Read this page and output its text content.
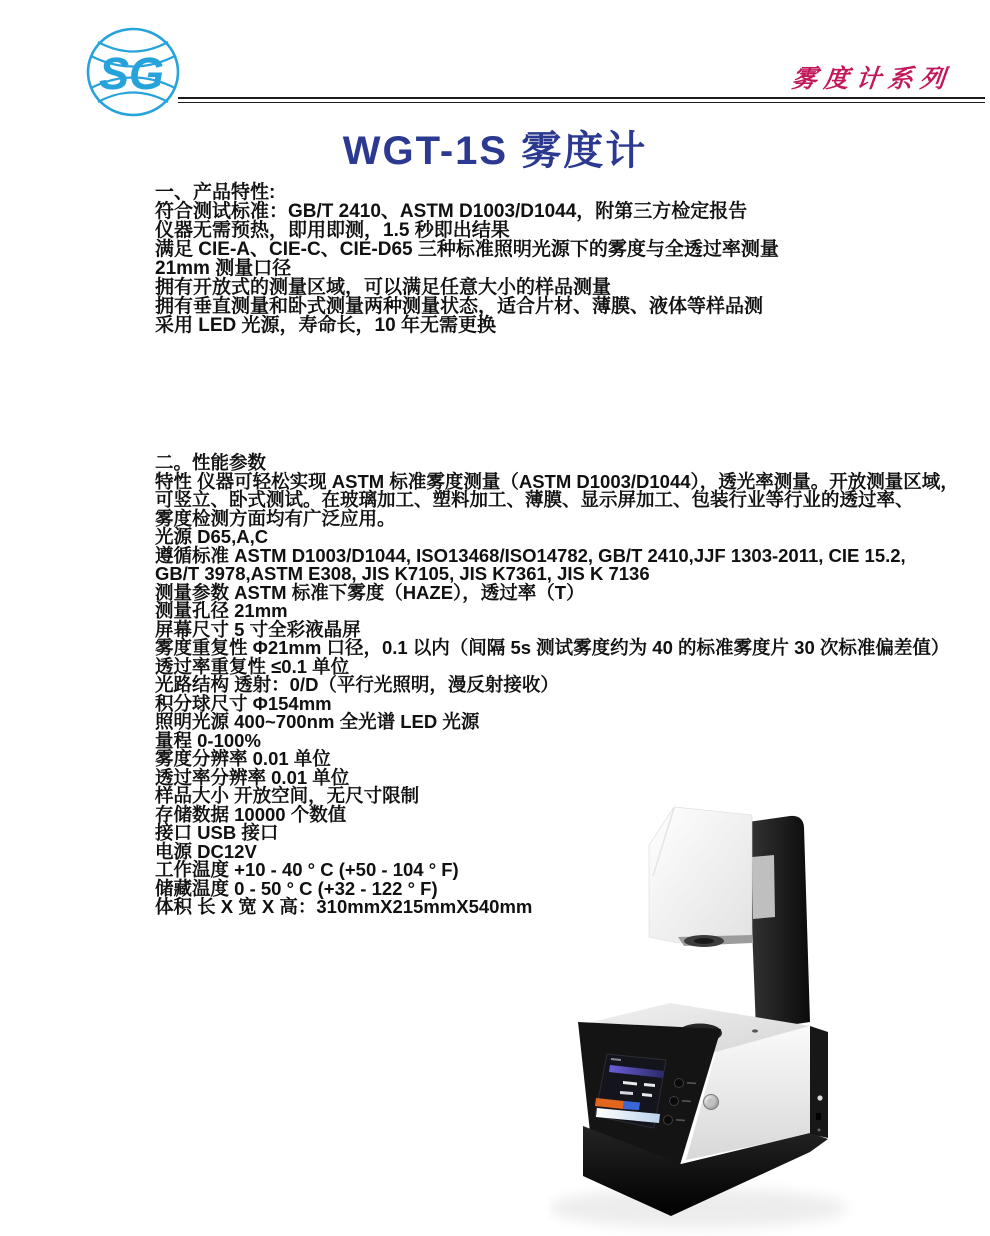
SG	雾度计系列
WGT-1S 雾度计
一、产品特性:
符合测试标准：GB/T 2410、ASTM D1003/D1044，附第三方检定报告
仪器无需预热，即用即测，1.5 秒即出结果
满足 CIE-A、CIE-C、CIE-D65 三种标准照明光源下的雾度与全透过率测量
21mm 测量口径
拥有开放式的测量区域，可以满足任意大小的样品测量
拥有垂直测量和卧式测量两种测量状态，适合片材、薄膜、液体等样品测
采用 LED 光源，寿命长，10 年无需更换
二。性能参数
特性 仪器可轻松实现 ASTM 标准雾度测量（ASTM D1003/D1044），透光率测量。开放测量区域，
可竖立、卧式测试。在玻璃加工、塑料加工、薄膜、显示屏加工、包装行业等行业的透过率、
雾度检测方面均有广泛应用。
光源 D65,A,C
遵循标准 ASTM D1003/D1044, ISO13468/ISO14782, GB/T 2410,JJF 1303-2011, CIE 15.2,
GB/T 3978,ASTM E308, JIS K7105, JIS K7361, JIS K 7136
测量参数 ASTM 标准下雾度（HAZE），透过率（T）
测量孔径 21mm
屏幕尺寸 5 寸全彩液晶屏
雾度重复性 Φ21mm 口径，0.1 以内（间隔 5s 测试雾度约为 40 的标准雾度片 30 次标准偏差值）
透过率重复性 ≤0.1 单位
光路结构 透射：0/D（平行光照明，漫反射接收）
积分球尺寸 Φ154mm
照明光源 400~700nm 全光谱 LED 光源
量程 0-100%
雾度分辨率 0.01 单位
透过率分辨率 0.01 单位
样品大小 开放空间，无尺寸限制
存储数据 10000 个数值
接口 USB 接口
电源 DC12V
工作温度 +10 - 40 ° C (+50 - 104 ° F)
储藏温度 0 - 50 ° C (+32 - 122 ° F)
体积 长 X 宽 X 高：310mmX215mmX540mm
